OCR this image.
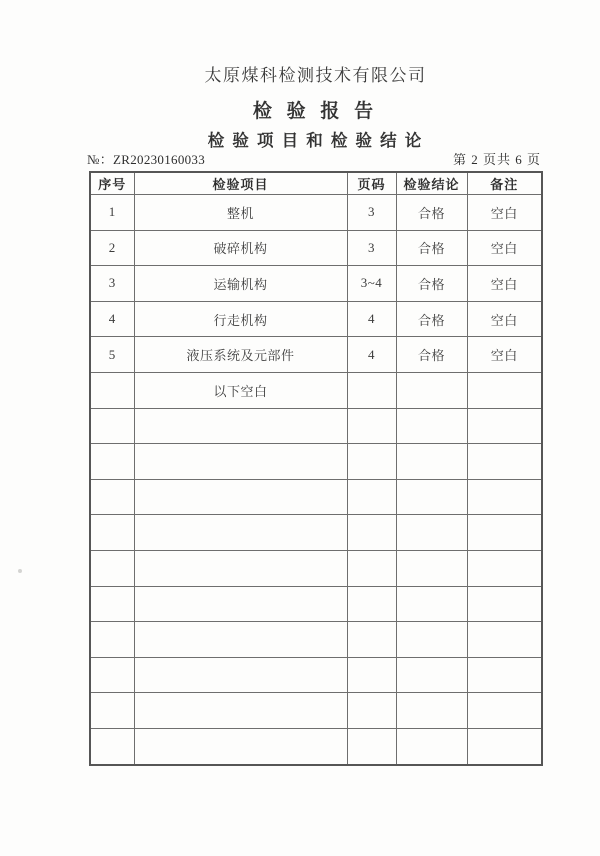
太原煤科检测技术有限公司
检 验 报 告
检 验 项 目 和 检 验 结 论
№：ZR20230160033	第 2 页共 6 页
序号	检验项目	页码	检验结论	备注
1	整机	3	合格	空白
2	破碎机构	3	合格	空白
3	运输机构	3~4	合格	空白
4	行走机构	4	合格	空白
5	液压系统及元部件	4	合格	空白
	以下空白			
